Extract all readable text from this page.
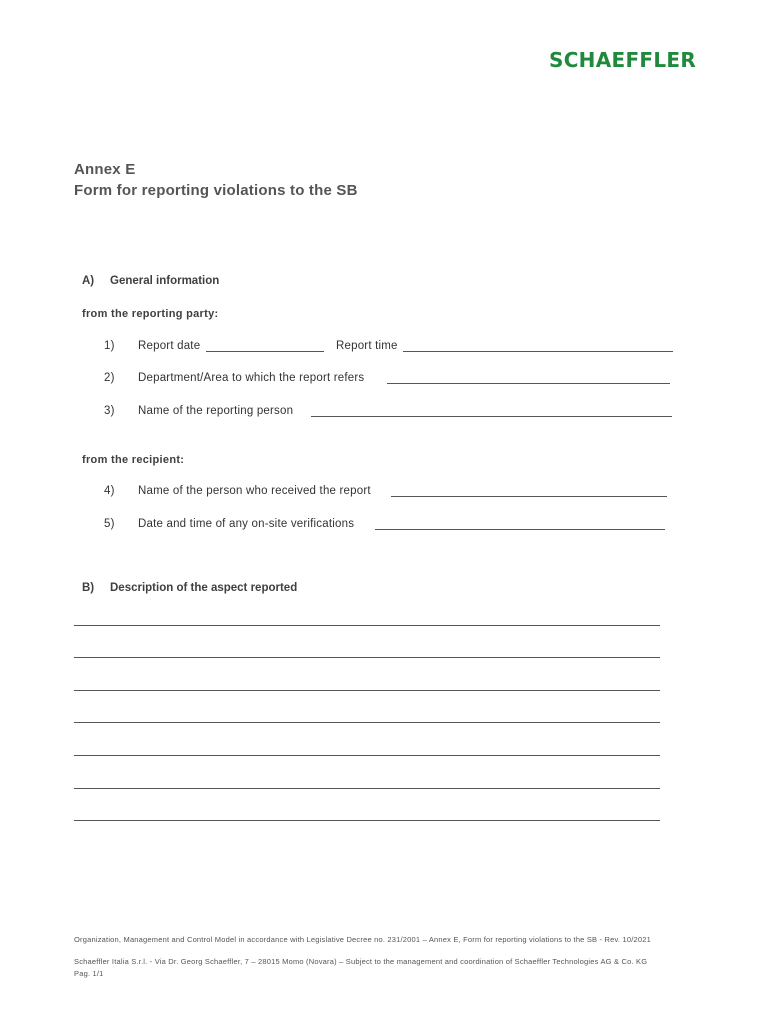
SCHAEFFLER
Annex E
Form for reporting violations to the SB
A) General information
from the reporting party:
1) Report date	Report time
2) Department/Area to which the report refers
3) Name of the reporting person
from the recipient:
4) Name of the person who received the report
5) Date and time of any on-site verifications
B) Description of the aspect reported
Organization, Management and Control Model in accordance with Legislative Decree no. 231/2001 – Annex E, Form for reporting violations to the SB - Rev. 10/2021
Schaeffler Italia S.r.l. - Via Dr. Georg Schaeffler, 7 – 28015 Momo (Novara) – Subject to the management and coordination of Schaeffler Technologies AG & Co. KG
Pag. 1/1
